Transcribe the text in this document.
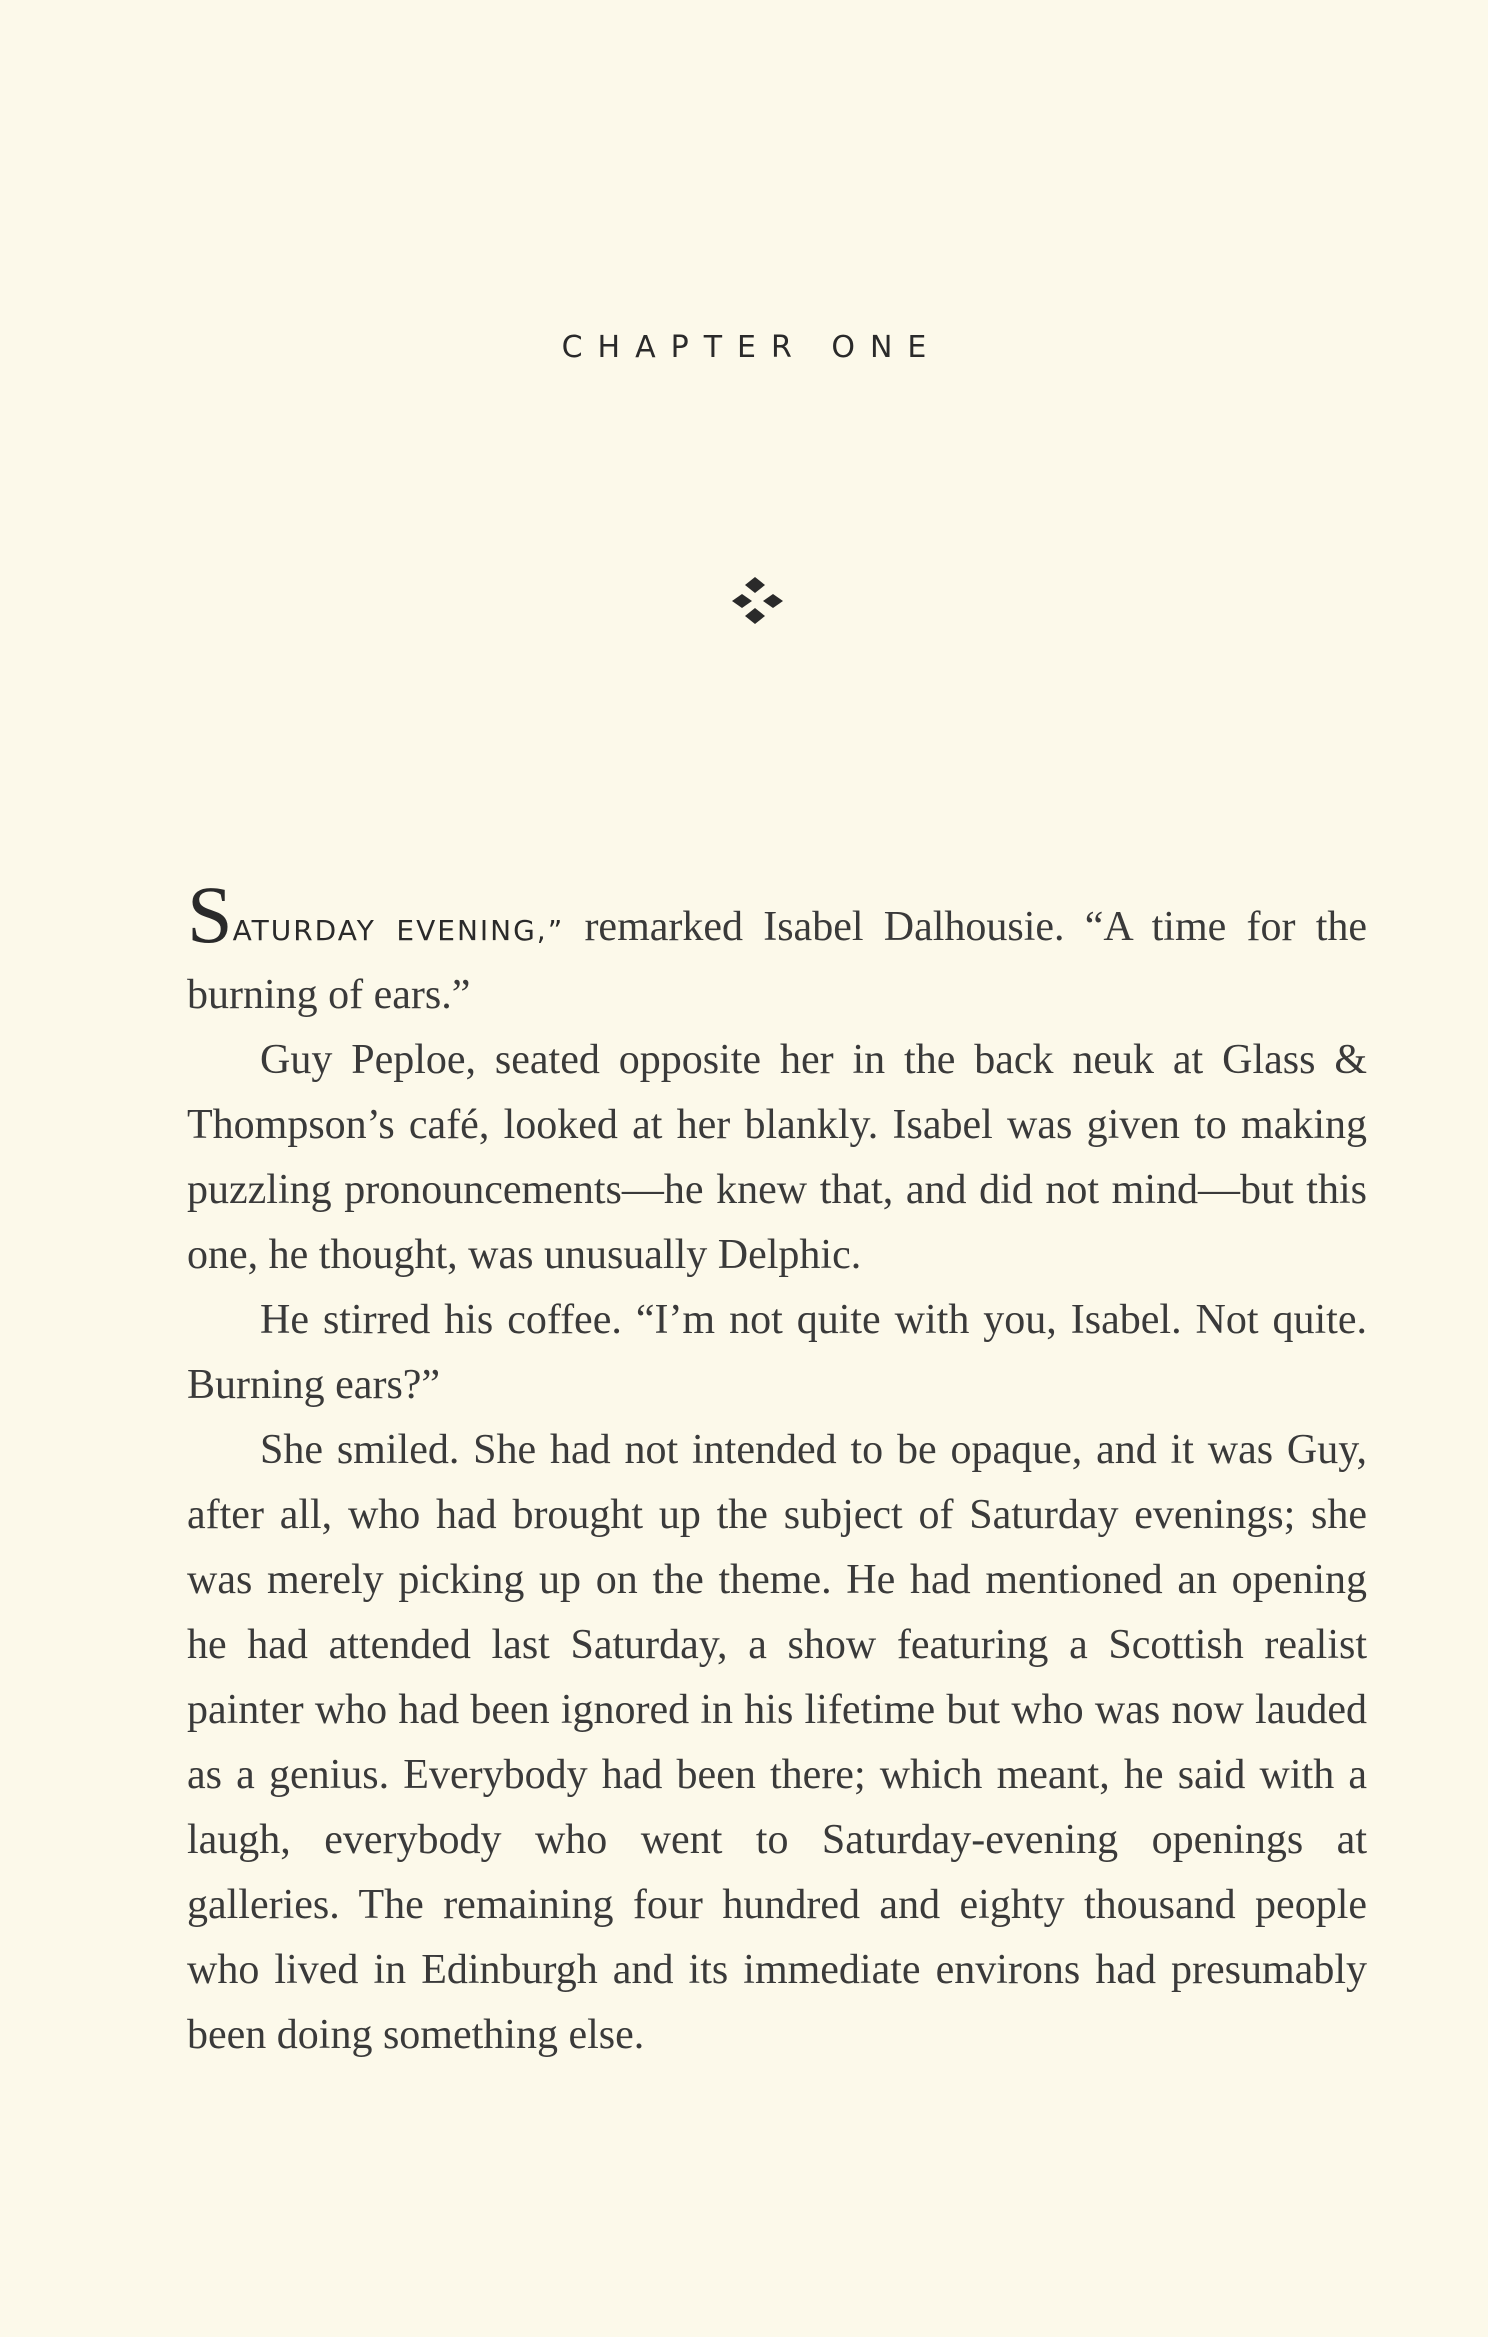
CHAPTER ONE

SATURDAY EVENING,” remarked Isabel Dalhousie. “A time for the burning of ears.”

Guy Peploe, seated opposite her in the back neuk at Glass & Thompson’s café, looked at her blankly. Isabel was given to making puzzling pronouncements—he knew that, and did not mind—but this one, he thought, was unusually Delphic.

He stirred his coffee. “I’m not quite with you, Isabel. Not quite. Burning ears?”

She smiled. She had not intended to be opaque, and it was Guy, after all, who had brought up the subject of Saturday evenings; she was merely picking up on the theme. He had mentioned an opening he had attended last Saturday, a show featuring a Scottish realist painter who had been ignored in his lifetime but who was now lauded as a genius. Everybody had been there; which meant, he said with a laugh, everybody who went to Saturday-evening openings at galleries. The remaining four hundred and eighty thousand people who lived in Edinburgh and its immediate environs had presumably been doing something else.
